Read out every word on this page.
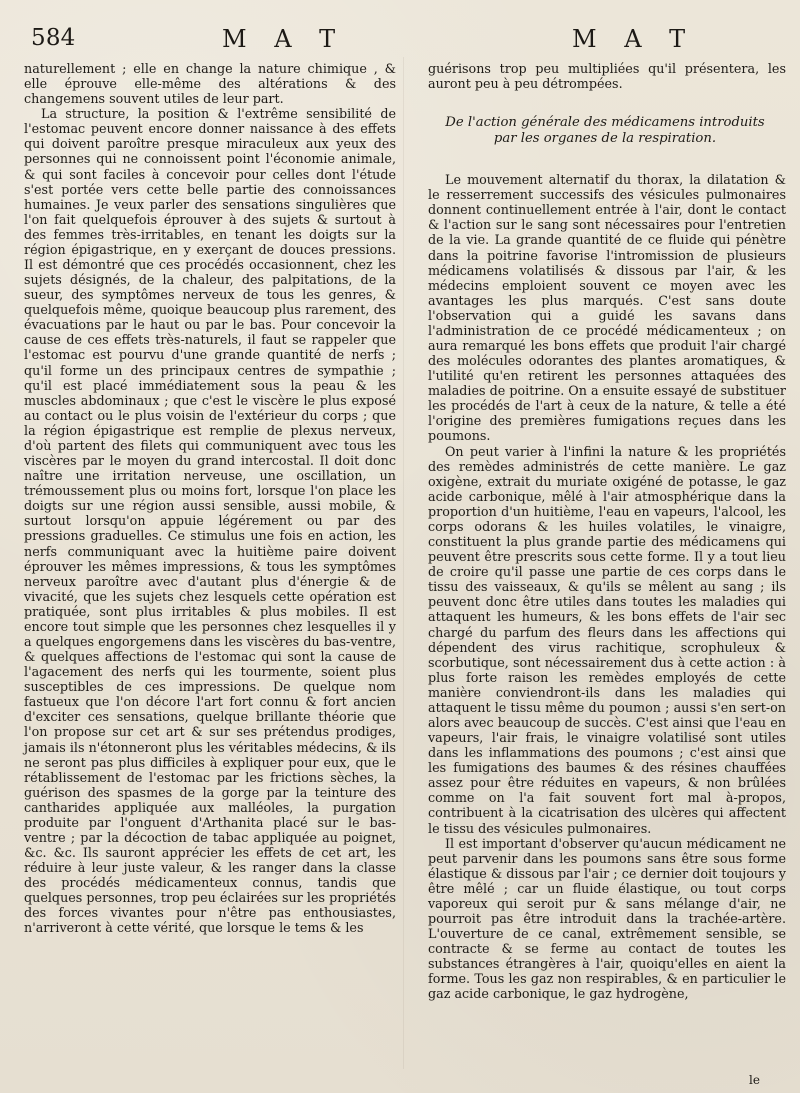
584	M A T	M A T

naturellement ; elle en change la nature chimique , & elle éprouve elle-même des altérations & des changemens souvent utiles de leur part.

La structure, la position & l'extrême sensibilité de l'estomac peuvent encore donner naissance à des effets qui doivent paroître presque miraculeux aux yeux des personnes qui ne connoissent point l'économie animale, & qui sont faciles à concevoir pour celles dont l'étude s'est portée vers cette belle partie des connoissances humaines. Je veux parler des sensations singulières que l'on fait quelquefois éprouver à des sujets & surtout à des femmes très-irritables, en tenant les doigts sur la région épigastrique, en y exerçant de douces pressions. Il est démontré que ces procédés occasionnent, chez les sujets désignés, de la chaleur, des palpitations, de la sueur, des symptômes nerveux de tous les genres, & quelquefois même, quoique beaucoup plus rarement, des évacuations par le haut ou par le bas. Pour concevoir la cause de ces effets très-naturels, il faut se rappeler que l'estomac est pourvu d'une grande quantité de nerfs ; qu'il forme un des principaux centres de sympathie ; qu'il est placé immédiatement sous la peau & les muscles abdominaux ; que c'est le viscère le plus exposé au contact ou le plus voisin de l'extérieur du corps ; que la région épigastrique est remplie de plexus nerveux, d'où partent des filets qui communiquent avec tous les viscères par le moyen du grand intercostal. Il doit donc naître une irritation nerveuse, une oscillation, un trémoussement plus ou moins fort, lorsque l'on place les doigts sur une région aussi sensible, aussi mobile, & surtout lorsqu'on appuie légérement ou par des pressions graduelles. Ce stimulus une fois en action, les nerfs communiquant avec la huitième paire doivent éprouver les mêmes impressions, & tous les symptômes nerveux paroître avec d'autant plus d'énergie & de vivacité, que les sujets chez lesquels cette opération est pratiquée, sont plus irritables & plus mobiles. Il est encore tout simple que les personnes chez lesquelles il y a quelques engorgemens dans les viscères du bas-ventre, & quelques affections de l'estomac qui sont la cause de l'agacement des nerfs qui les tourmente, soient plus susceptibles de ces impressions. De quelque nom fastueux que l'on décore l'art fort connu & fort ancien d'exciter ces sensations, quelque brillante théorie que l'on propose sur cet art & sur ses prétendus prodiges, jamais ils n'étonneront plus les véritables médecins, & ils ne seront pas plus difficiles à expliquer pour eux, que le rétablissement de l'estomac par les frictions sèches, la guérison des spasmes de la gorge par la teinture des cantharides appliquée aux malléoles, la purgation produite par l'onguent d'Arthanita placé sur le bas-ventre ; par la décoction de tabac appliquée au poignet, &c. &c. Ils sauront apprécier les effets de cet art, les réduire à leur juste valeur, & les ranger dans la classe des procédés médicamenteux connus, tandis que quelques personnes, trop peu éclairées sur les propriétés des forces vivantes pour n'être pas enthousiastes, n'arriveront à cette vérité, que lorsque le tems & les

guérisons trop peu multipliées qu'il présentera, les auront peu à peu détrompées.

De l'action générale des médicamens introduits par les organes de la respiration.

Le mouvement alternatif du thorax, la dilatation & le resserrement successifs des vésicules pulmonaires donnent continuellement entrée à l'air, dont le contact & l'action sur le sang sont nécessaires pour l'entretien de la vie. La grande quantité de ce fluide qui pénètre dans la poitrine favorise l'intromission de plusieurs médicamens volatilisés & dissous par l'air, & les médecins emploient souvent ce moyen avec les avantages les plus marqués. C'est sans doute l'observation qui a guidé les savans dans l'administration de ce procédé médicamenteux ; on aura remarqué les bons effets que produit l'air chargé des molécules odorantes des plantes aromatiques, & l'utilité qu'en retirent les personnes attaquées des maladies de poitrine. On a ensuite essayé de substituer les procédés de l'art à ceux de la nature, & telle a été l'origine des premières fumigations reçues dans les poumons.

On peut varier à l'infini la nature & les propriétés des remèdes administrés de cette manière. Le gaz oxigène, extrait du muriate oxigéné de potasse, le gaz acide carbonique, mêlé à l'air atmosphérique dans la proportion d'un huitième, l'eau en vapeurs, l'alcool, les corps odorans & les huiles volatiles, le vinaigre, constituent la plus grande partie des médicamens qui peuvent être prescrits sous cette forme. Il y a tout lieu de croire qu'il passe une partie de ces corps dans le tissu des vaisseaux, & qu'ils se mêlent au sang ; ils peuvent donc être utiles dans toutes les maladies qui attaquent les humeurs, & les bons effets de l'air sec chargé du parfum des fleurs dans les affections qui dépendent des virus rachitique, scrophuleux & scorbutique, sont nécessairement dus à cette action : à plus forte raison les remèdes employés de cette manière conviendront-ils dans les maladies qui attaquent le tissu même du poumon ; aussi s'en sert-on alors avec beaucoup de succès. C'est ainsi que l'eau en vapeurs, l'air frais, le vinaigre volatilisé sont utiles dans les inflammations des poumons ; c'est ainsi que les fumigations des baumes & des résines chauffées assez pour être réduites en vapeurs, & non brûlées comme on l'a fait souvent fort mal à-propos, contribuent à la cicatrisation des ulcères qui affectent le tissu des vésicules pulmonaires.

Il est important d'observer qu'aucun médicament ne peut parvenir dans les poumons sans être sous forme élastique & dissous par l'air ; ce dernier doit toujours y être mêlé ; car un fluide élastique, ou tout corps vaporeux qui seroit pur & sans mélange d'air, ne pourroit pas être introduit dans la trachée-artère. L'ouverture de ce canal, extrêmement sensible, se contracte & se ferme au contact de toutes les substances étrangères à l'air, quoiqu'elles en aient la forme. Tous les gaz non respirables, & en particulier le gaz acide carbonique, le gaz hydrogène,

le
